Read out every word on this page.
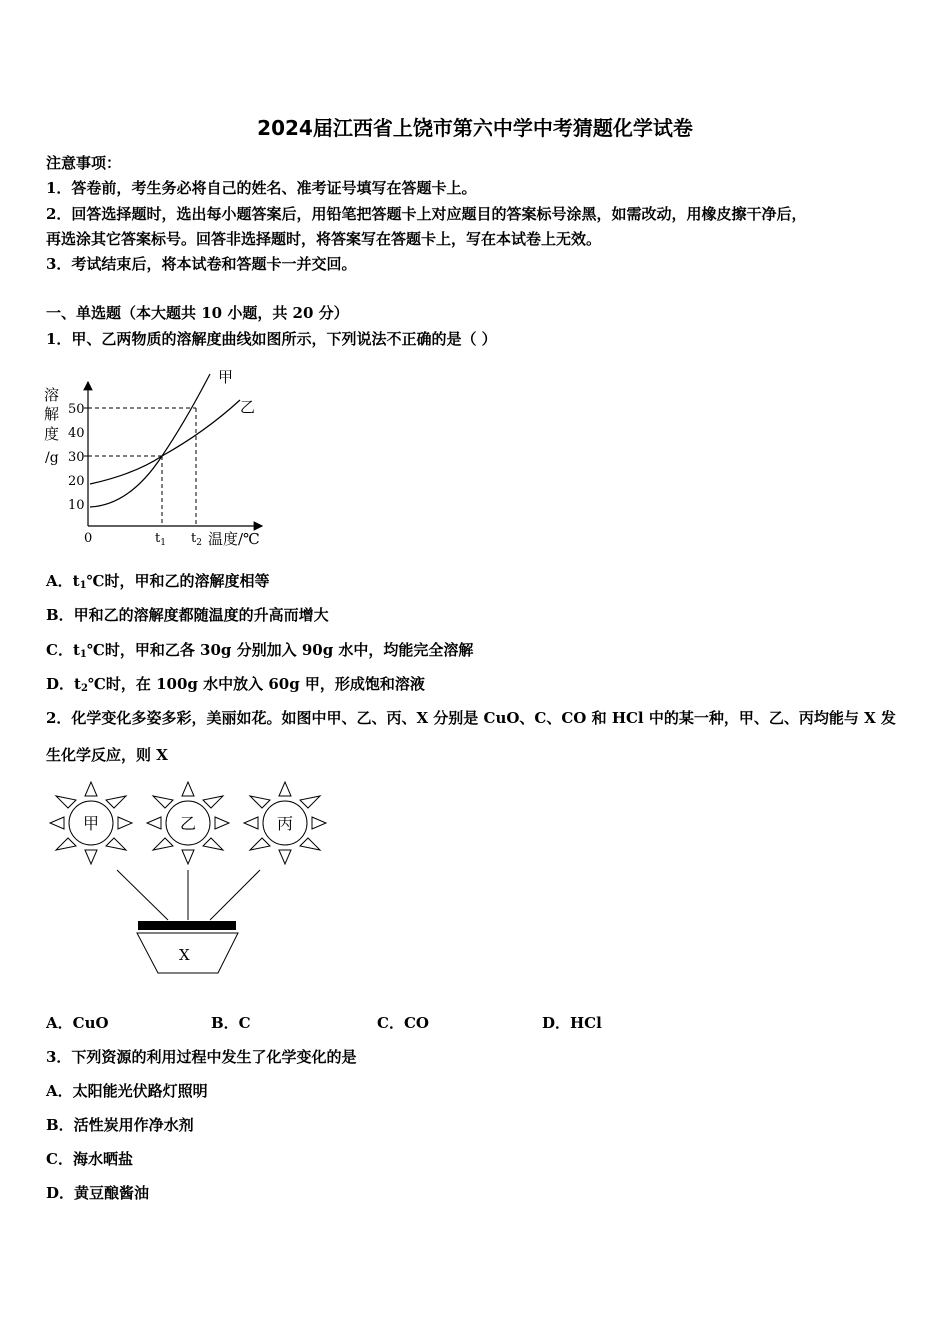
2024届江西省上饶市第六中学中考猜题化学试卷
注意事项：
1．答卷前，考生务必将自己的姓名、准考证号填写在答题卡上。
2．回答选择题时，选出每小题答案后，用铅笔把答题卡上对应题目的答案标号涂黑，如需改动，用橡皮擦干净后，
再选涂其它答案标号。回答非选择题时，将答案写在答题卡上，写在本试卷上无效。
3．考试结束后，将本试卷和答题卡一并交回。
一、单选题（本大题共 10 小题，共 20 分）
1．甲、乙两物质的溶解度曲线如图所示，下列说法不正确的是（ ）
溶
解
度
/g
50
40
30
20
10
甲
乙
0	$t_1$ $t_2$ 温度/℃
A．$t_1℃$时，甲和乙的溶解度相等
B．甲和乙的溶解度都随温度的升高而增大
C．$t_1℃$时，甲和乙各 30g 分别加入 90g 水中，均能完全溶解
D．$t_2℃$时，在 100g 水中放入 60g 甲，形成饱和溶液
2．化学变化多姿多彩，美丽如花。如图中甲、乙、丙、X 分别是 CuO、C、CO 和 HCl 中的某一种，甲、乙、丙均能与 X 发
生化学反应，则 X
甲	乙	丙
X
A．CuO	B．C	C．CO	D．HCl
3．下列资源的利用过程中发生了化学变化的是
A．太阳能光伏路灯照明
B．活性炭用作净水剂
C．海水晒盐
D．黄豆酿酱油
